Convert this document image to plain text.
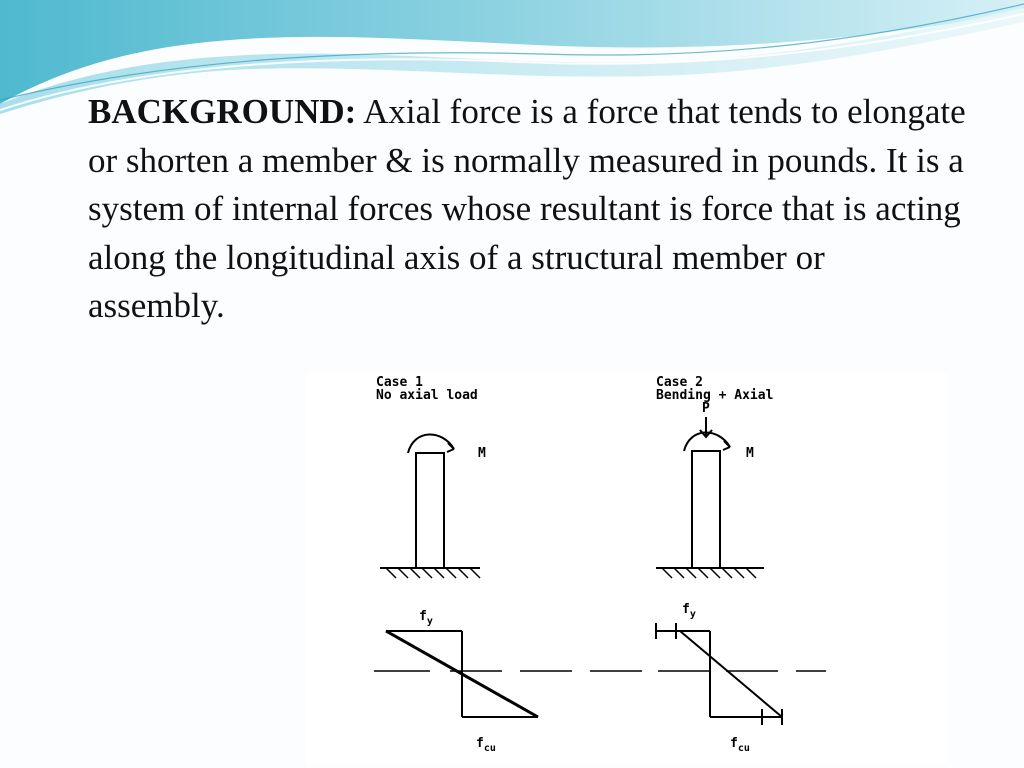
BACKGROUND: Axial force is a force that tends to elongate or shorten a member & is normally measured in pounds. It is a system of internal forces whose resultant is force that is acting along the longitudinal axis of a structural member or assembly.

Case 1
No axial load
M
$f_y$
$f_{cu}$
Case 2
Bending + Axial
P
M
$f_y$
$f_{cu}$
